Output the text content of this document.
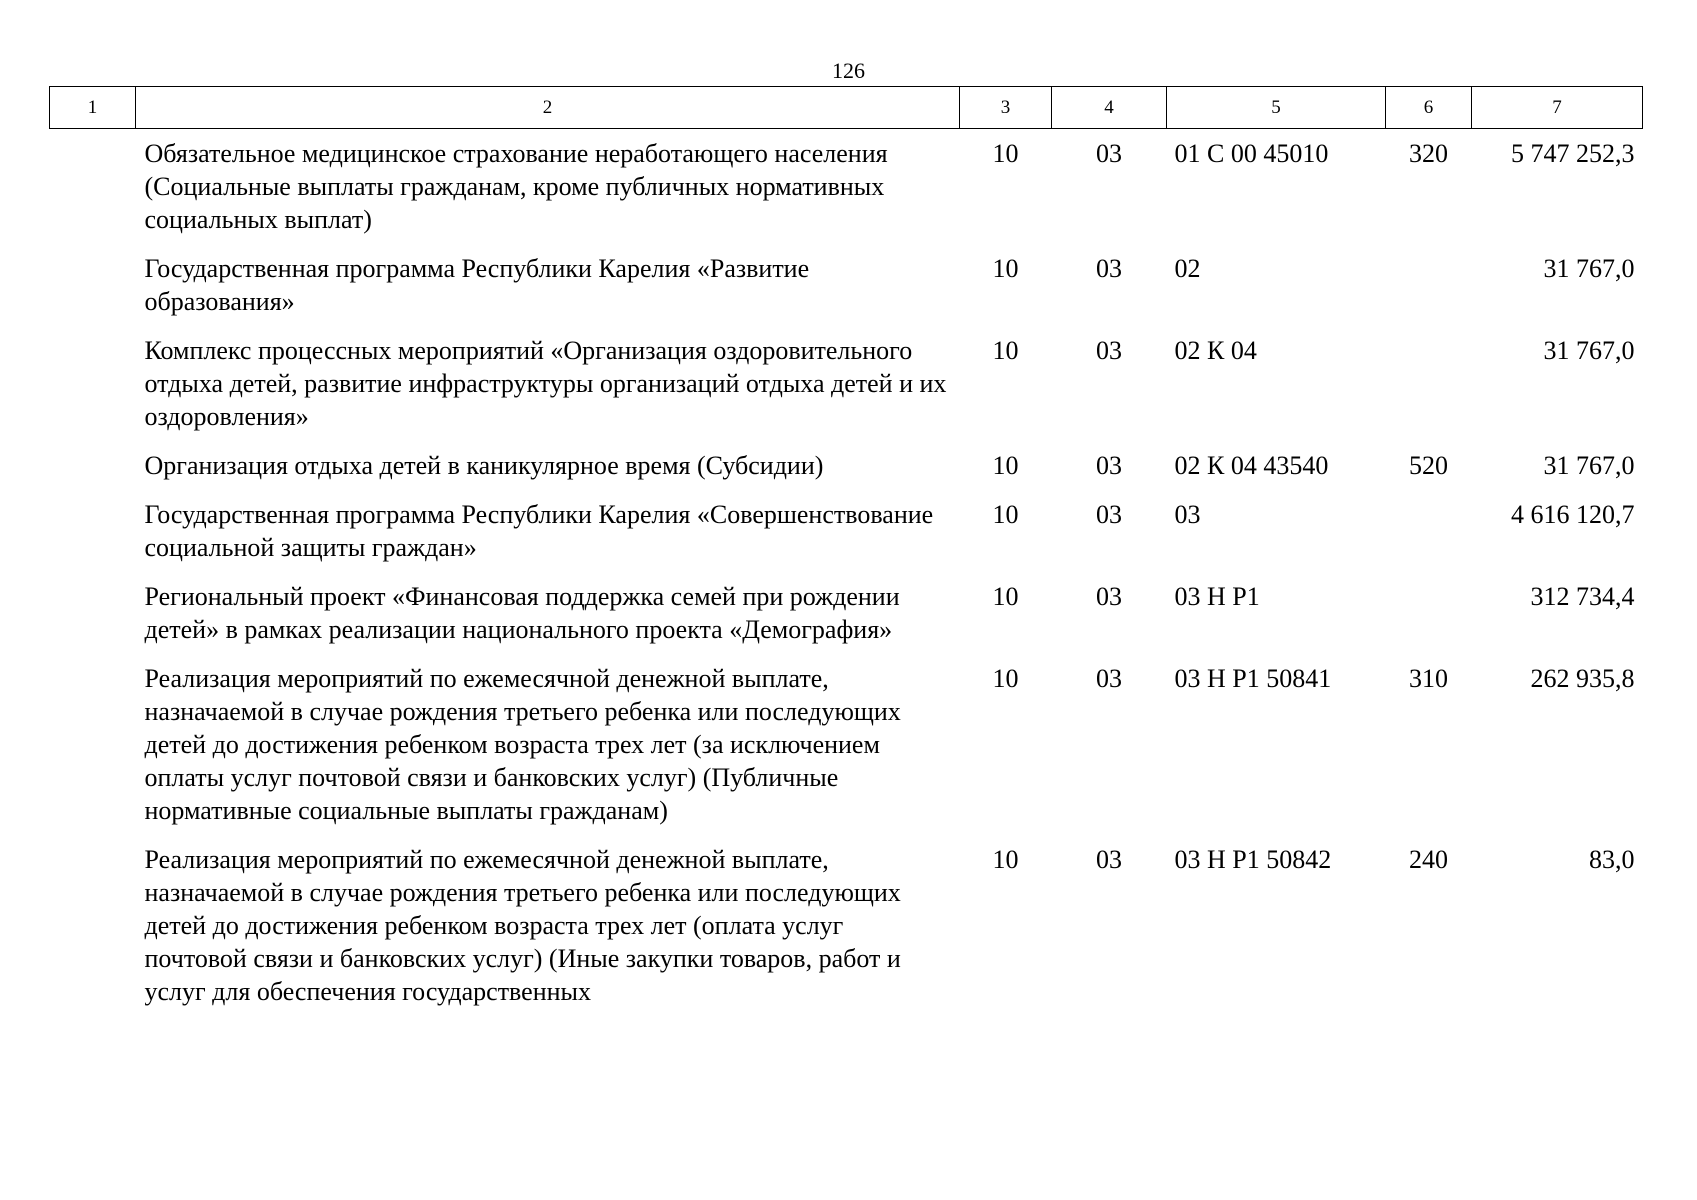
126
1	2	3	4	5	6	7
	Обязательное медицинское страхование неработающего населения (Социальные выплаты гражданам, кроме публичных нормативных социальных выплат)	10	03	01 С 00 45010	320	5 747 252,3
	Государственная программа Республики Карелия «Развитие образования»	10	03	02		31 767,0
	Комплекс процессных мероприятий «Организация оздоровительного отдыха детей, развитие инфраструктуры организаций отдыха детей и их оздоровления»	10	03	02 К 04		31 767,0
	Организация отдыха детей в каникулярное время (Субсидии)	10	03	02 К 04 43540	520	31 767,0
	Государственная программа Республики Карелия «Совершенствование социальной защиты граждан»	10	03	03		4 616 120,7
	Региональный проект «Финансовая поддержка семей при рождении детей» в рамках реализации национального проекта «Демография»	10	03	03 Н Р1		312 734,4
	Реализация мероприятий по ежемесячной денежной выплате, назначаемой в случае рождения третьего ребенка или последующих детей до достижения ребенком возраста трех лет (за исключением оплаты услуг почтовой связи и банковских услуг) (Публичные нормативные социальные выплаты гражданам)	10	03	03 Н Р1 50841	310	262 935,8
	Реализация мероприятий по ежемесячной денежной выплате, назначаемой в случае рождения третьего ребенка или последующих детей до достижения ребенком возраста трех лет (оплата услуг почтовой связи и банковских услуг) (Иные закупки товаров, работ и услуг для обеспечения государственных	10	03	03 Н Р1 50842	240	83,0
